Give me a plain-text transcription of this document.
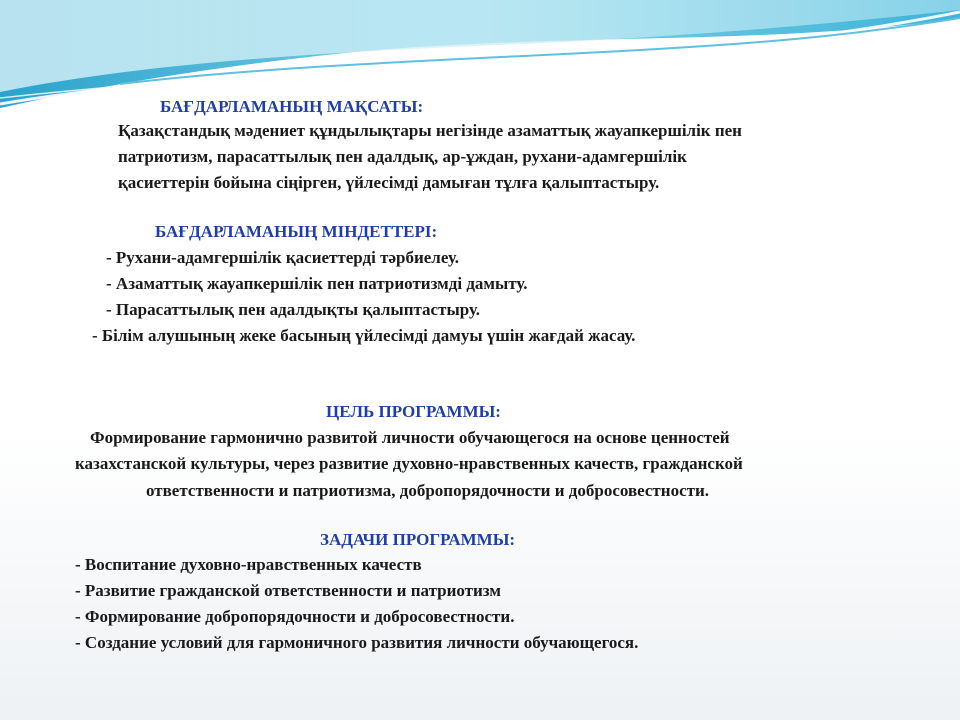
БАҒДАРЛАМАНЫҢ МАҚСАТЫ:
Қазақстандық мәдениет құндылықтары негізінде азаматтық жауапкершілік пен
патриотизм, парасаттылық пен адалдық, ар-ұждан, рухани-адамгершілік
қасиеттерін бойына сіңірген, үйлесімді дамыған тұлға қалыптастыру.
БАҒДАРЛАМАНЫҢ МІНДЕТТЕРІ:
- Рухани-адамгершілік қасиеттерді тәрбиелеу.
- Азаматтық жауапкершілік пен патриотизмді дамыту.
- Парасаттылық пен адалдықты қалыптастыру.
- Білім алушының жеке басының үйлесімді дамуы үшін жағдай жасау.
ЦЕЛЬ ПРОГРАММЫ:
Формирование гармонично развитой личности обучающегося на основе ценностей
казахстанской культуры, через развитие духовно-нравственных качеств, гражданской
ответственности и патриотизма, добропорядочности и добросовестности.
ЗАДАЧИ ПРОГРАММЫ:
- Воспитание духовно-нравственных качеств
- Развитие гражданской ответственности и патриотизм
- Формирование добропорядочности и добросовестности.
- Создание условий для гармоничного развития личности обучающегося.
